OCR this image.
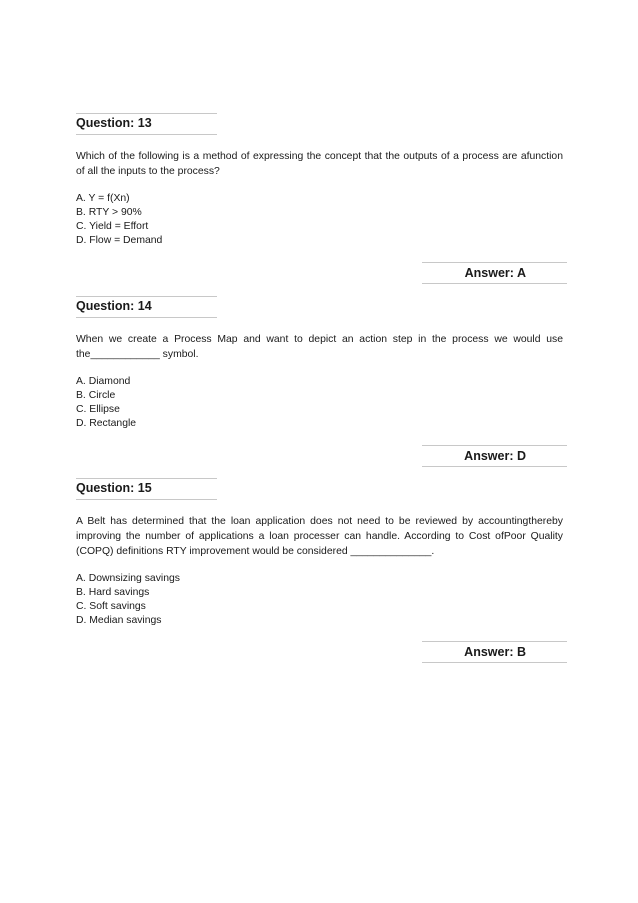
Question: 13
Which of the following is a method of expressing the concept that the outputs of a process are afunction of all the inputs to the process?
A. Y = f(Xn)
B. RTY > 90%
C. Yield = Effort
D. Flow = Demand
Answer: A
Question: 14
When we create a Process Map and want to depict an action step in the process we would use the____________ symbol.
A. Diamond
B. Circle
C. Ellipse
D. Rectangle
Answer: D
Question: 15
A Belt has determined that the loan application does not need to be reviewed by accountingthereby improving the number of applications a loan processer can handle. According to Cost ofPoor Quality (COPQ) definitions RTY improvement would be considered ______________.
A. Downsizing savings
B. Hard savings
C. Soft savings
D. Median savings
Answer: B
